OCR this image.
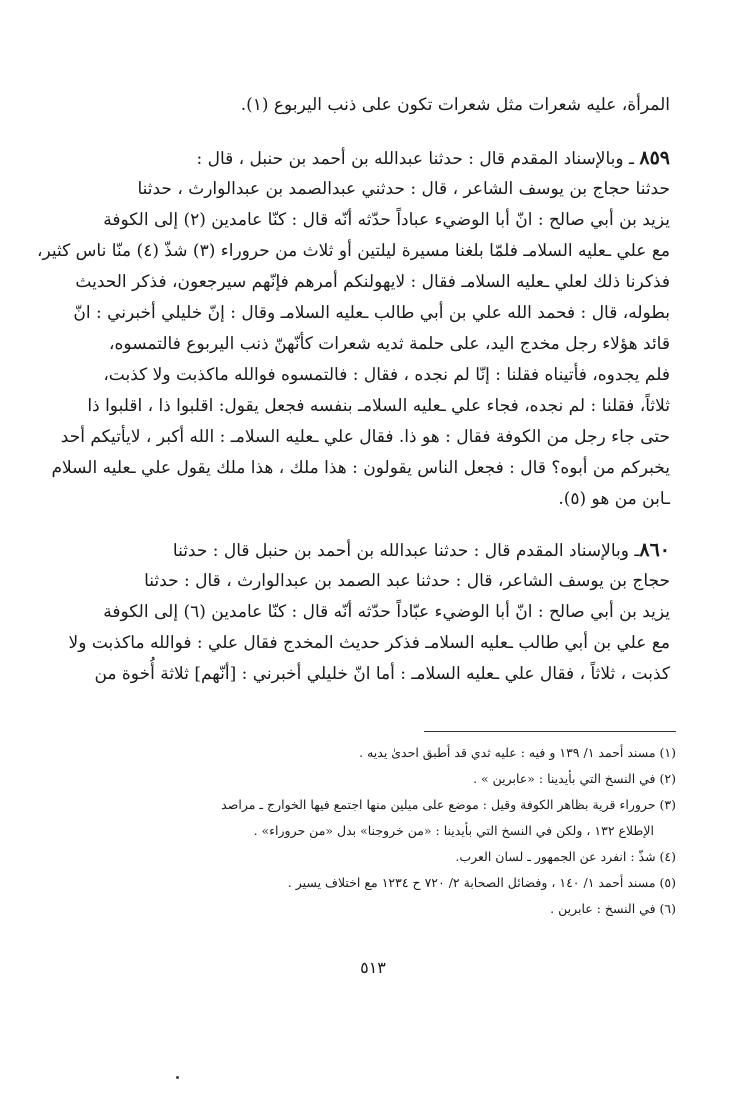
المرأة، عليه شعرات مثل شعرات تكون على ذنب اليربوع (١).
٨٥٩ ـ وبالإسناد المقدم قال : حدثنا عبدالله بن أحمد بن حنبل ، قال :
حدثنا حجاج بن يوسف الشاعر ، قال : حدثني عبدالصمد بن عبدالوارث ، حدثنا
يزيد بن أبي صالح : انّ أبا الوضيء عباداً حدّثه أنّه قال : كنّا عامدين (٢) إلى الكوفة
مع علي ـعليه السلامـ فلمّا بلغنا مسيرة ليلتين أو ثلاث من حروراء (٣) شذّ (٤) منّا ناس كثير،
فذكرنا ذلك لعلي ـعليه السلامـ فقال : لايهولنكم أمرهم فإنّهم سيرجعون، فذكر الحديث
بطوله، قال : فحمد الله علي بن أبي طالب ـعليه السلامـ وقال : إنّ خليلي أخبرني : انّ
قائد هؤلاء رجل مخدج اليد، على حلمة ثديه شعرات كأنّهنّ ذنب اليربوع فالتمسوه،
فلم يجدوه، فأتيناه فقلنا : إنّا لم نجده ، فقال : فالتمسوه فوالله ماكذبت ولا كذبت،
ثلاثاً، فقلنا : لم نجده، فجاء علي ـعليه السلامـ بنفسه فجعل يقول: اقلبوا ذا ، اقلبوا ذا
حتى جاء رجل من الكوفة فقال : هو ذا. فقال علي ـعليه السلامـ : الله أكبر ، لايأتيكم أحد
يخبركم من أبوه؟ قال : فجعل الناس يقولون : هذا ملك ، هذا ملك يقول علي ـعليه السلام
ـابن من هو (٥).
٨٦٠ـ وبالإسناد المقدم قال : حدثنا عبدالله بن أحمد بن حنبل قال : حدثنا
حجاج بن يوسف الشاعر، قال : حدثنا عبد الصمد بن عبدالوارث ، قال : حدثنا
يزيد بن أبي صالح : انّ أبا الوضيء عبّاداً حدّثه أنّه قال : كنّا عامدين (٦) إلى الكوفة
مع علي بن أبي طالب ـعليه السلامـ فذكر حديث المخدج فقال علي : فوالله ماكذبت ولا
كذبت ، ثلاثاً ، فقال علي ـعليه السلامـ : أما انّ خليلي أخبرني : [أنّهم] ثلاثة أُخوة من
(١) مسند أحمد ١/ ١٣٩ و فيه : عليه ثدي قد أطبق احدىٰ يديه .
(٢) في النسخ التي بأيدينا : «عابرين » .
(٣) حروراء قرية بظاهر الكوفة وقيل : موضع على ميلين منها اجتمع فيها الخوارج ـ مراصد
الإطلاع ١٣٢ ، ولكن في النسخ التي بأيدينا : «من خروجنا» بدل «من حروراء» .
(٤) شذّ : انفرد عن الجمهور ـ لسان العرب.
(٥) مسند أحمد ١/ ١٤٠ ، وفضائل الصحابة ٢/ ٧٢٠ ح ١٢٣٤ مع اختلاف يسير .
(٦) في النسخ : عابرين .
٥١٣
